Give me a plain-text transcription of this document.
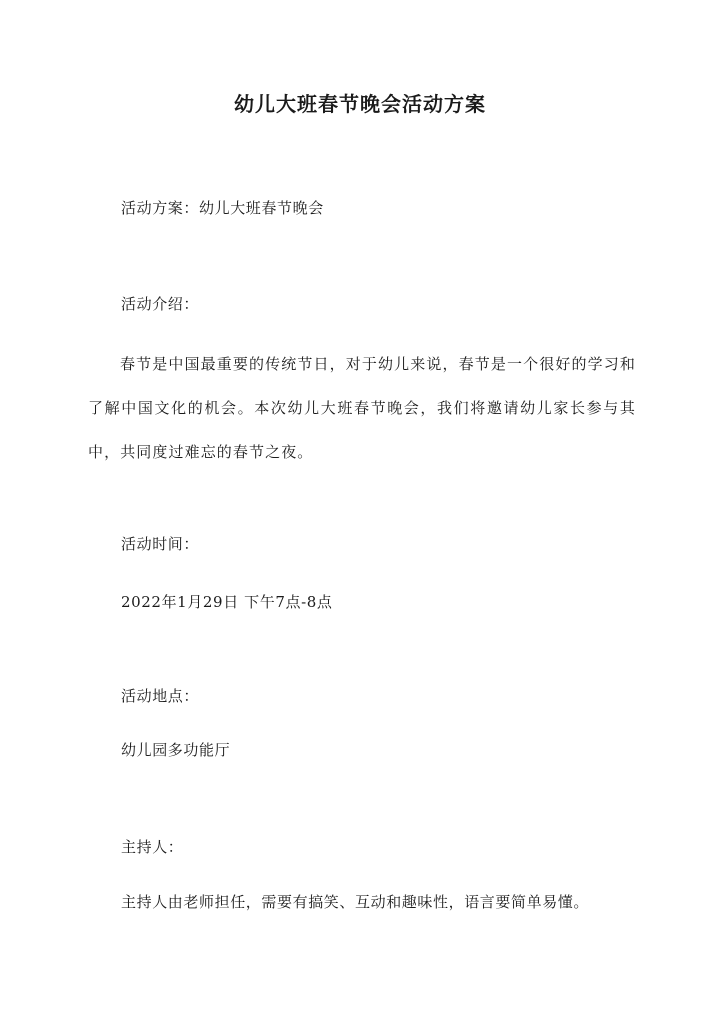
幼儿大班春节晚会活动方案
活动方案：幼儿大班春节晚会
活动介绍：
春节是中国最重要的传统节日，对于幼儿来说，春节是一个很好的学习和了解中国文化的机会。本次幼儿大班春节晚会，我们将邀请幼儿家长参与其中，共同度过难忘的春节之夜。
活动时间：
2022年1月29日 下午7点-8点
活动地点：
幼儿园多功能厅
主持人：
主持人由老师担任，需要有搞笑、互动和趣味性，语言要简单易懂。
